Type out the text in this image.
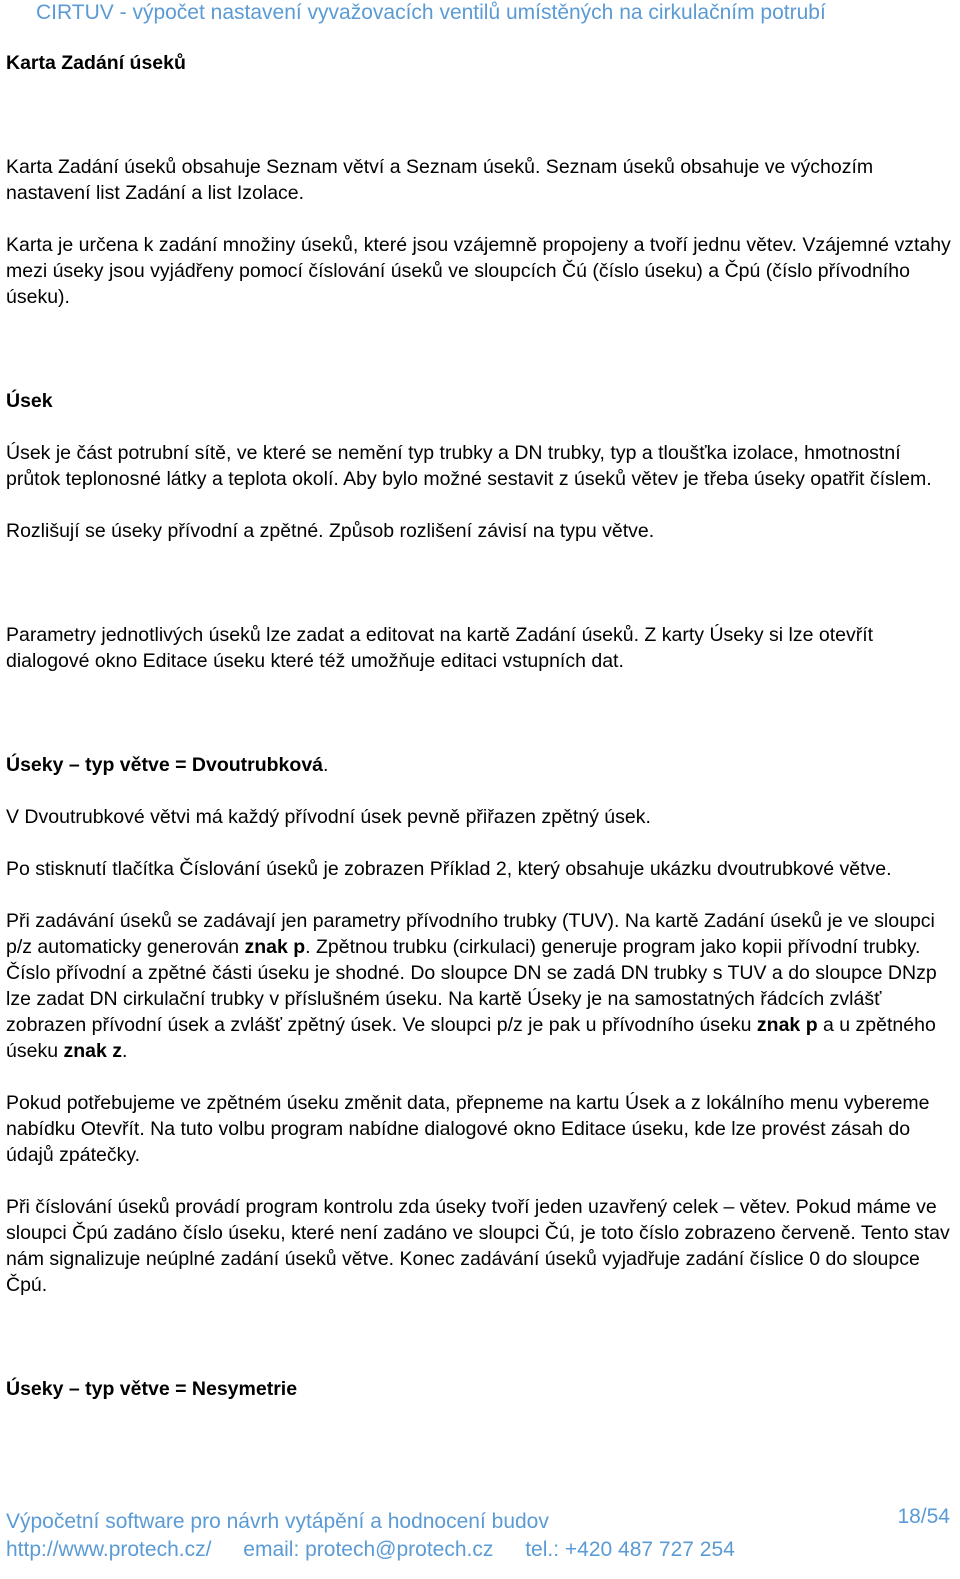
CIRTUV - výpočet nastavení vyvažovacích ventilů umístěných na cirkulačním potrubí

Karta Zadání úseků

Karta Zadání úseků obsahuje Seznam větví a Seznam úseků. Seznam úseků obsahuje ve výchozím nastavení list Zadání a list Izolace.

Karta je určena k zadání množiny úseků, které jsou vzájemně propojeny a tvoří jednu větev. Vzájemné vztahy mezi úseky jsou vyjádřeny pomocí číslování úseků ve sloupcích Čú (číslo úseku) a Čpú (číslo přívodního úseku).

Úsek

Úsek je část potrubní sítě, ve které se nemění typ trubky a DN trubky, typ a tloušťka izolace, hmotnostní průtok teplonosné látky a teplota okolí. Aby bylo možné sestavit z úseků větev je třeba úseky opatřit číslem.

Rozlišují se úseky přívodní a zpětné. Způsob rozlišení závisí na typu větve.

Parametry jednotlivých úseků lze zadat a editovat na kartě Zadání úseků. Z karty Úseky si lze otevřít dialogové okno Editace úseku které též umožňuje editaci vstupních dat.

Úseky – typ větve = Dvoutrubková.

V Dvoutrubkové větvi má každý přívodní úsek pevně přiřazen zpětný úsek.

Po stisknutí tlačítka Číslování úseků je zobrazen Příklad 2, který obsahuje ukázku dvoutrubkové větve.

Při zadávání úseků se zadávají jen parametry přívodního trubky (TUV). Na kartě Zadání úseků je ve sloupci p/z automaticky generován znak p. Zpětnou trubku (cirkulaci) generuje program jako kopii přívodní trubky. Číslo přívodní a zpětné části úseku je shodné. Do sloupce DN se zadá DN trubky s TUV a do sloupce DNzp lze zadat DN cirkulační trubky v příslušném úseku. Na kartě Úseky je na samostatných řádcích zvlášť zobrazen přívodní úsek a zvlášť zpětný úsek. Ve sloupci p/z je pak u přívodního úseku znak p a u zpětného úseku znak z.

Pokud potřebujeme ve zpětném úseku změnit data, přepneme na kartu Úsek a z lokálního menu vybereme nabídku Otevřít. Na tuto volbu program nabídne dialogové okno Editace úseku, kde lze provést zásah do údajů zpátečky.

Při číslování úseků provádí program kontrolu zda úseky tvoří jeden uzavřený celek – větev. Pokud máme ve sloupci Čpú zadáno číslo úseku, které není zadáno ve sloupci Čú, je toto číslo zobrazeno červeně. Tento stav nám signalizuje neúplné zadání úseků větve. Konec zadávání úseků vyjadřuje zadání číslice 0 do sloupce Čpú.

Úseky – typ větve = Nesymetrie

Výpočetní software pro návrh vytápění a hodnocení budov	18/54
http://www.protech.cz/ email: protech@protech.cz tel.: +420 487 727 254
